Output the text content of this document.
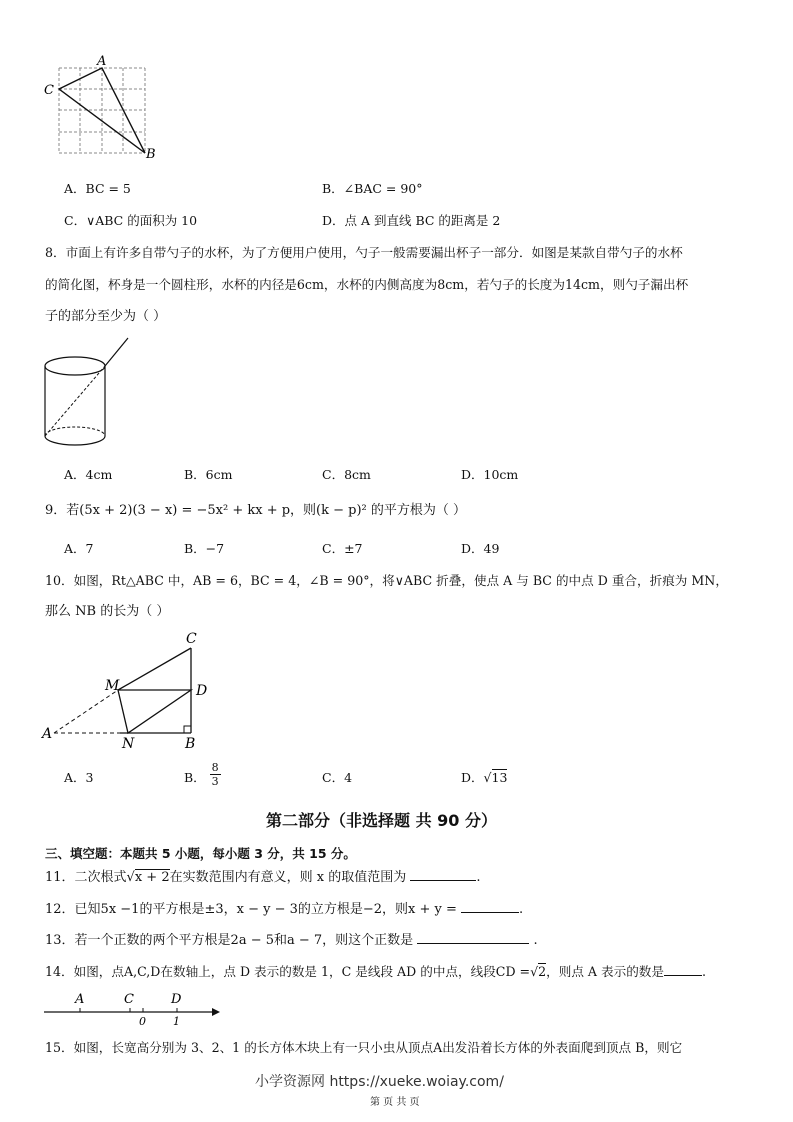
A
C
B
A．BC = 5	B．∠BAC = 90°
C．∨ABC 的面积为 10	D．点 A 到直线 BC 的距离是 2
8．市面上有许多自带勺子的水杯，为了方便用户使用，勺子一般需要漏出杯子一部分．如图是某款自带勺子的水杯
的简化图，杯身是一个圆柱形，水杯的内径是6cm，水杯的内侧高度为8cm，若勺子的长度为14cm，则勺子漏出杯
子的部分至少为（ ）
A．4cm	B．6cm	C．8cm	D．10cm
9．若(5x + 2)(3 − x) = −5x² + kx + p，则(k − p)² 的平方根为（ ）
A．7	B．−7	C．±7	D．49
10．如图，Rt△ABC 中，AB = 6，BC = 4，∠B = 90°，将∨ABC 折叠，使点 A 与 BC 的中点 D 重合，折痕为 MN，
那么 NB 的长为（ ）
C
M	D
A
N	B
A．3	B． $\frac{8}{3}$	C．4	D．√13
第二部分（非选择题 共 90 分）
三、填空题：本题共 5 小题，每小题 3 分，共 15 分。
11．二次根式√x + 2在实数范围内有意义，则 x 的取值范围为	.
12．已知5x −1的平方根是±3，x − y − 3的立方根是−2，则x + y =	.
13．若一个正数的两个平方根是2a − 5和a − 7，则这个正数是	.
14．如图，点A,C,D在数轴上，点 D 表示的数是 1，C 是线段 AD 的中点，线段CD =√2，则点 A 表示的数是	.
A	C	D
0 1
15．如图，长宽高分别为 3、2、1 的长方体木块上有一只小虫从顶点A出发沿着长方体的外表面爬到顶点 B，则它
小学资源网 https://xueke.woiay.com/
第 页 共 页
